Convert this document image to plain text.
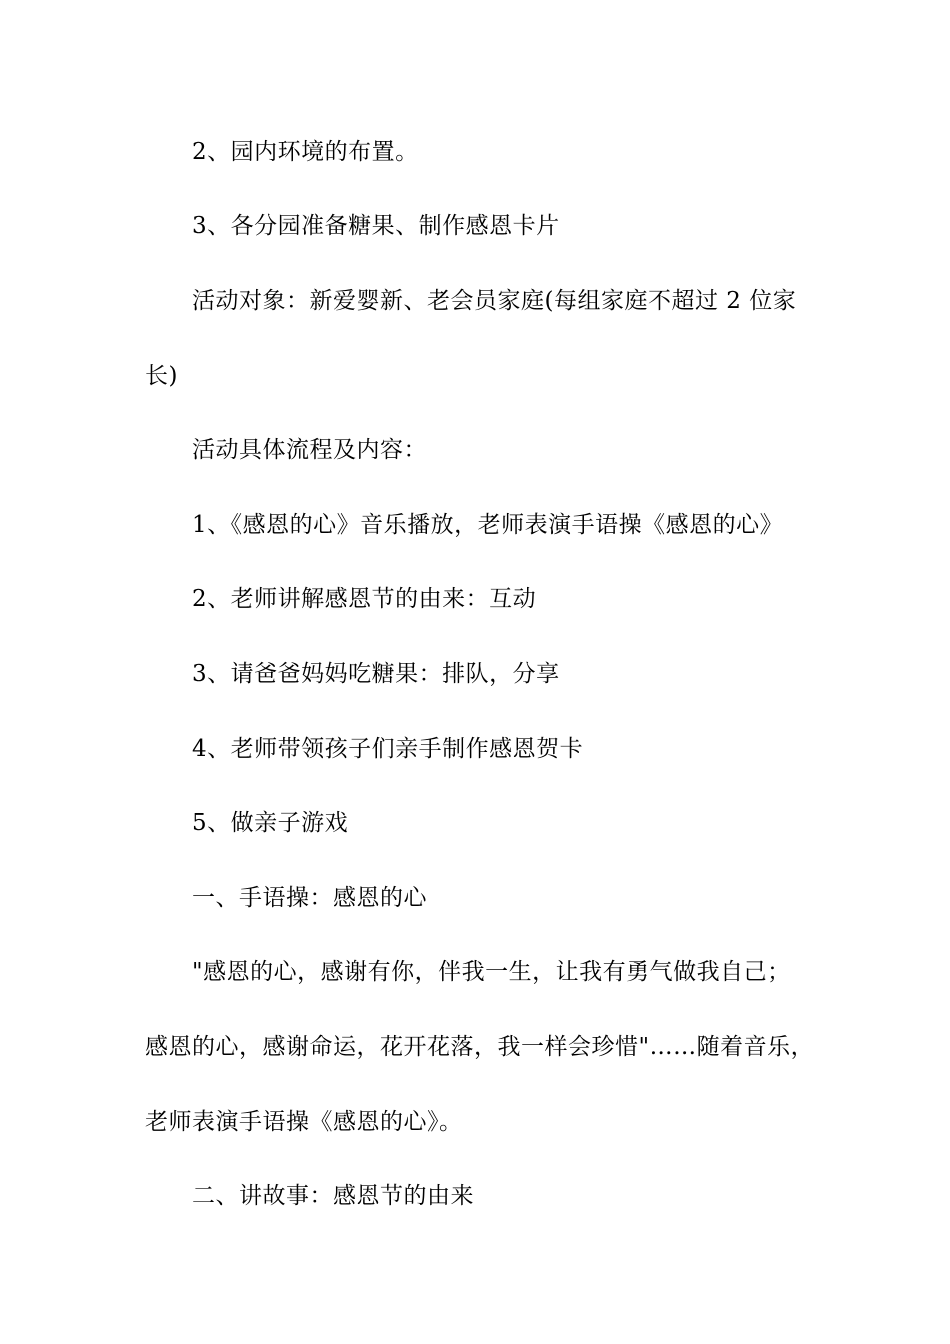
2、园内环境的布置。
3、各分园准备糖果、制作感恩卡片
活动对象：新爱婴新、老会员家庭(每组家庭不超过 2 位家
长)
活动具体流程及内容：
1、《感恩的心》音乐播放，老师表演手语操《感恩的心》
2、老师讲解感恩节的由来：互动
3、请爸爸妈妈吃糖果：排队，分享
4、老师带领孩子们亲手制作感恩贺卡
5、做亲子游戏
一、手语操：感恩的心
"感恩的心，感谢有你，伴我一生，让我有勇气做我自己；
感恩的心，感谢命运，花开花落，我一样会珍惜"……随着音乐，
老师表演手语操《感恩的心》。
二、讲故事：感恩节的由来
